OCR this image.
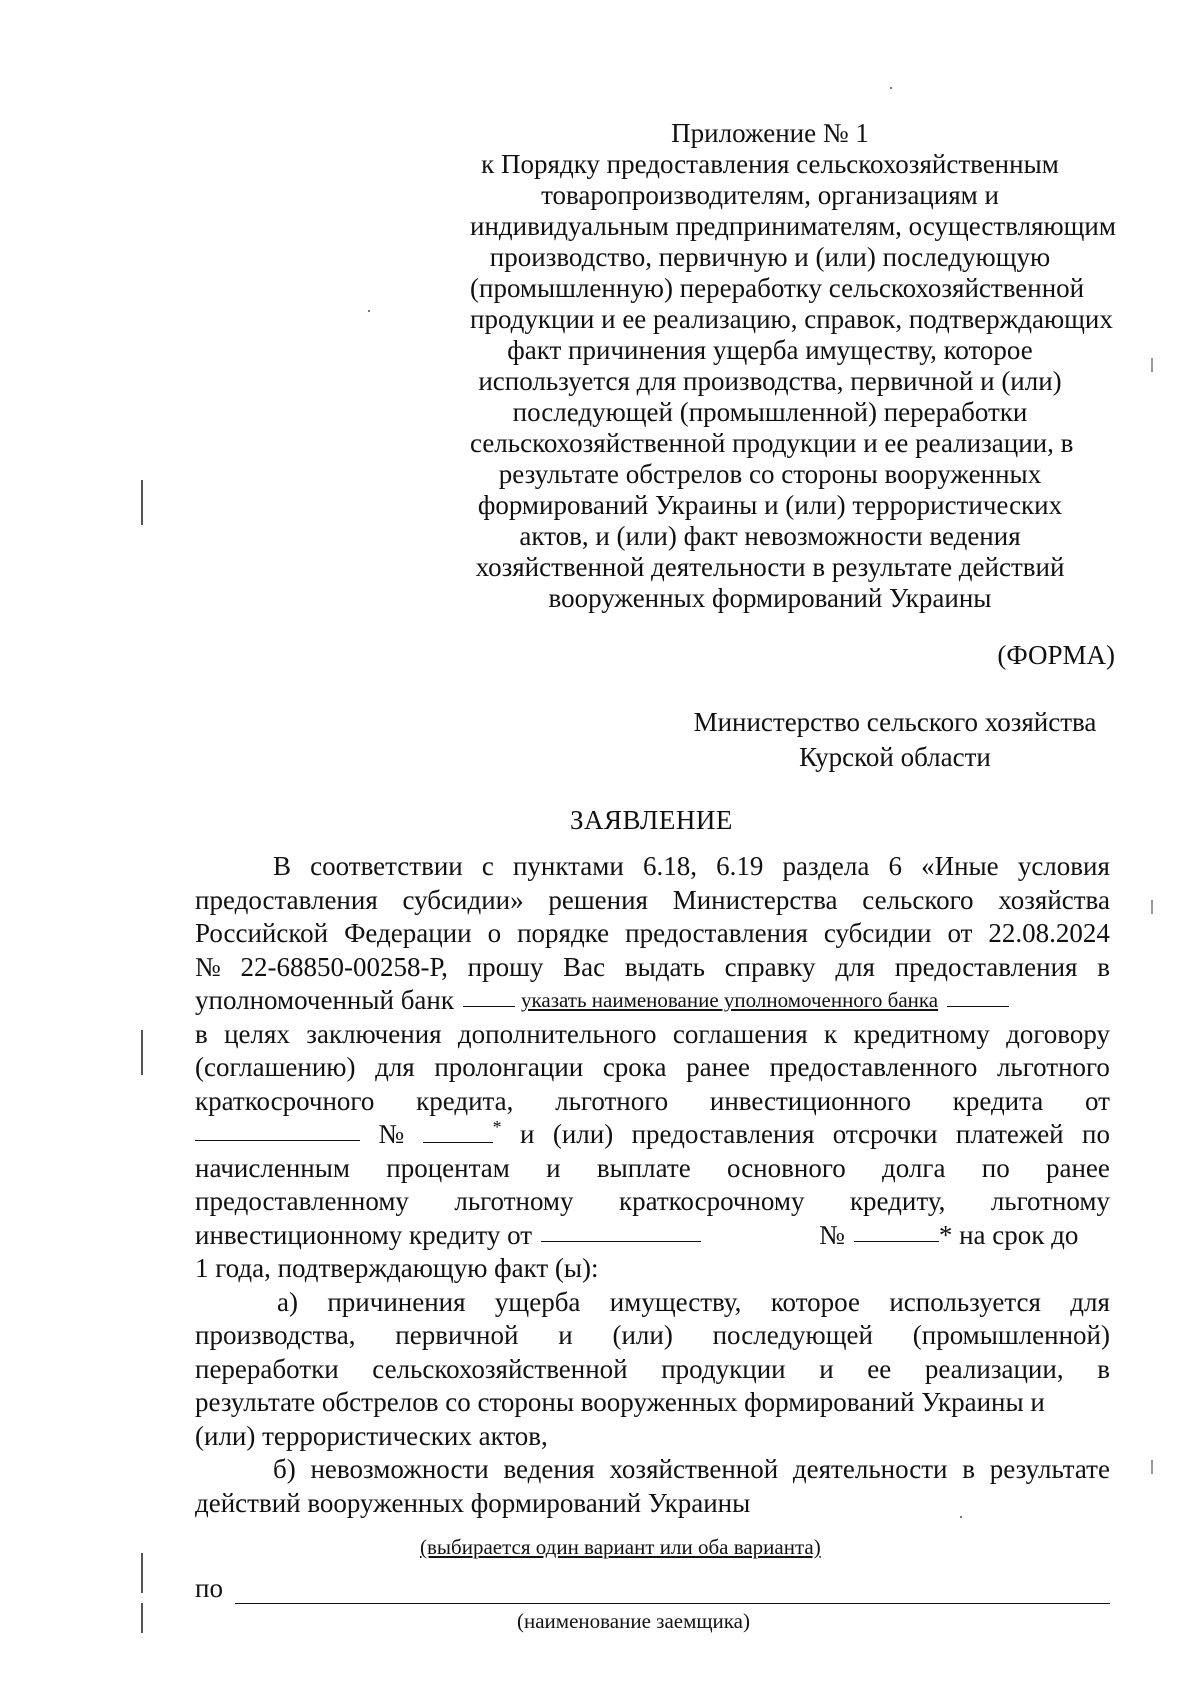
Приложение № 1
к Порядку предоставления сельскохозяйственным
товаропроизводителям, организациям и
индивидуальным предпринимателям, осуществляющим
производство, первичную и (или) последующую
(промышленную) переработку сельскохозяйственной
продукции и ее реализацию, справок, подтверждающих
факт причинения ущерба имуществу, которое
используется для производства, первичной и (или)
последующей (промышленной) переработки
сельскохозяйственной продукции и ее реализации, в
результате обстрелов со стороны вооруженных
формирований Украины и (или) террористических
актов, и (или) факт невозможности ведения
хозяйственной деятельности в результате действий
вооруженных формирований Украины
(ФОРМА)
Министерство сельского хозяйства
Курской области
ЗАЯВЛЕНИЕ
В соответствии с пунктами 6.18, 6.19 раздела 6 «Иные условия
предоставления субсидии» решения Министерства сельского хозяйства
Российской Федерации о порядке предоставления субсидии от 22.08.2024
№ 22-68850-00258-Р, прошу Вас выдать справку для предоставления в
уполномоченный банк	указать наименование уполномоченного банка
в целях заключения дополнительного соглашения к кредитному договору
(соглашению) для пролонгации срока ранее предоставленного льготного
краткосрочного кредита, льготного инвестиционного кредита от
№	* и (или) предоставления отсрочки платежей по
начисленным процентам и выплате основного долга по ранее
предоставленному льготному краткосрочному кредиту, льготному
инвестиционному кредиту от	№	* на срок до
1 года, подтверждающую факт (ы):
а) причинения ущерба имуществу, которое используется для
производства, первичной и (или) последующей (промышленной)
переработки сельскохозяйственной продукции и ее реализации, в
результате обстрелов со стороны вооруженных формирований Украины и
(или) террористических актов,
б) невозможности ведения хозяйственной деятельности в результате
действий вооруженных формирований Украины
(выбирается один вариант или оба варианта)
по
(наименование заемщика)
